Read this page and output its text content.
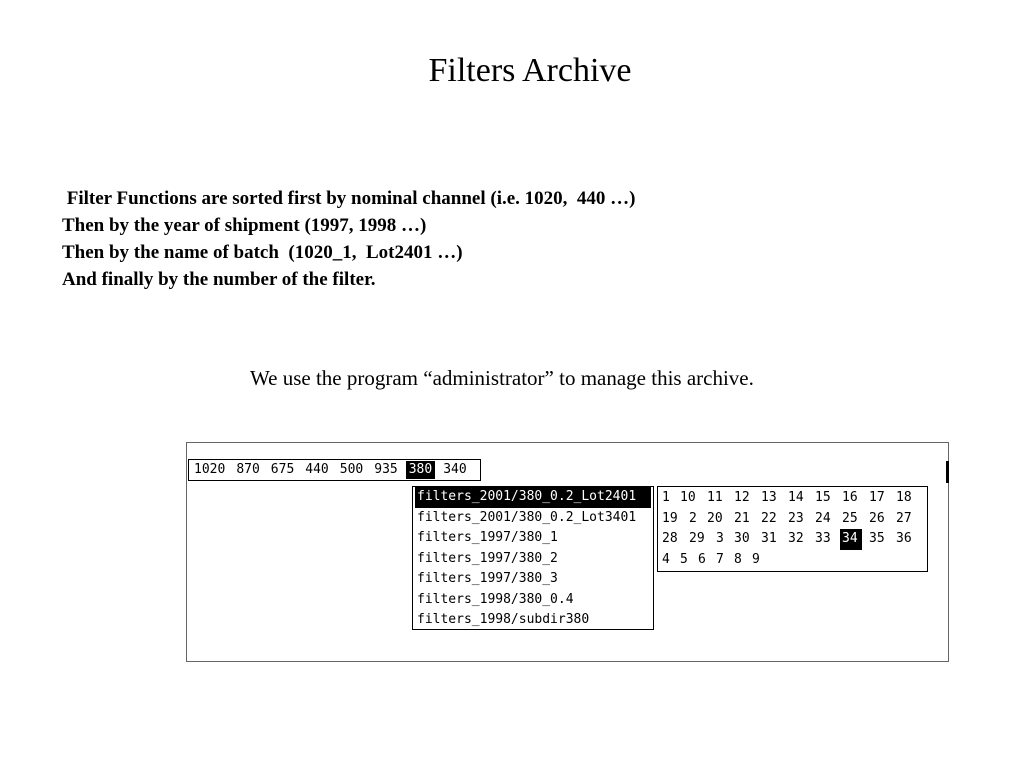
Filters Archive
Filter Functions are sorted first by nominal channel (i.e. 1020,  440 …)
Then by the year of shipment (1997, 1998 …)
Then by the name of batch  (1020_1,  Lot2401 …)
And finally by the number of the filter.
We use the program “administrator” to manage this archive.
1020 870 675 440 500 935 380 340
filters_2001/380_0.2_Lot2401
filters_2001/380_0.2_Lot3401
filters_1997/380_1
filters_1997/380_2
filters_1997/380_3
filters_1998/380_0.4
filters_1998/subdir380
1 10 11 12 13 14 15 16 17 18
19 2 20 21 22 23 24 25 26 27
28 29 3 30 31 32 33 34 35 36
4 5 6 7 8 9
